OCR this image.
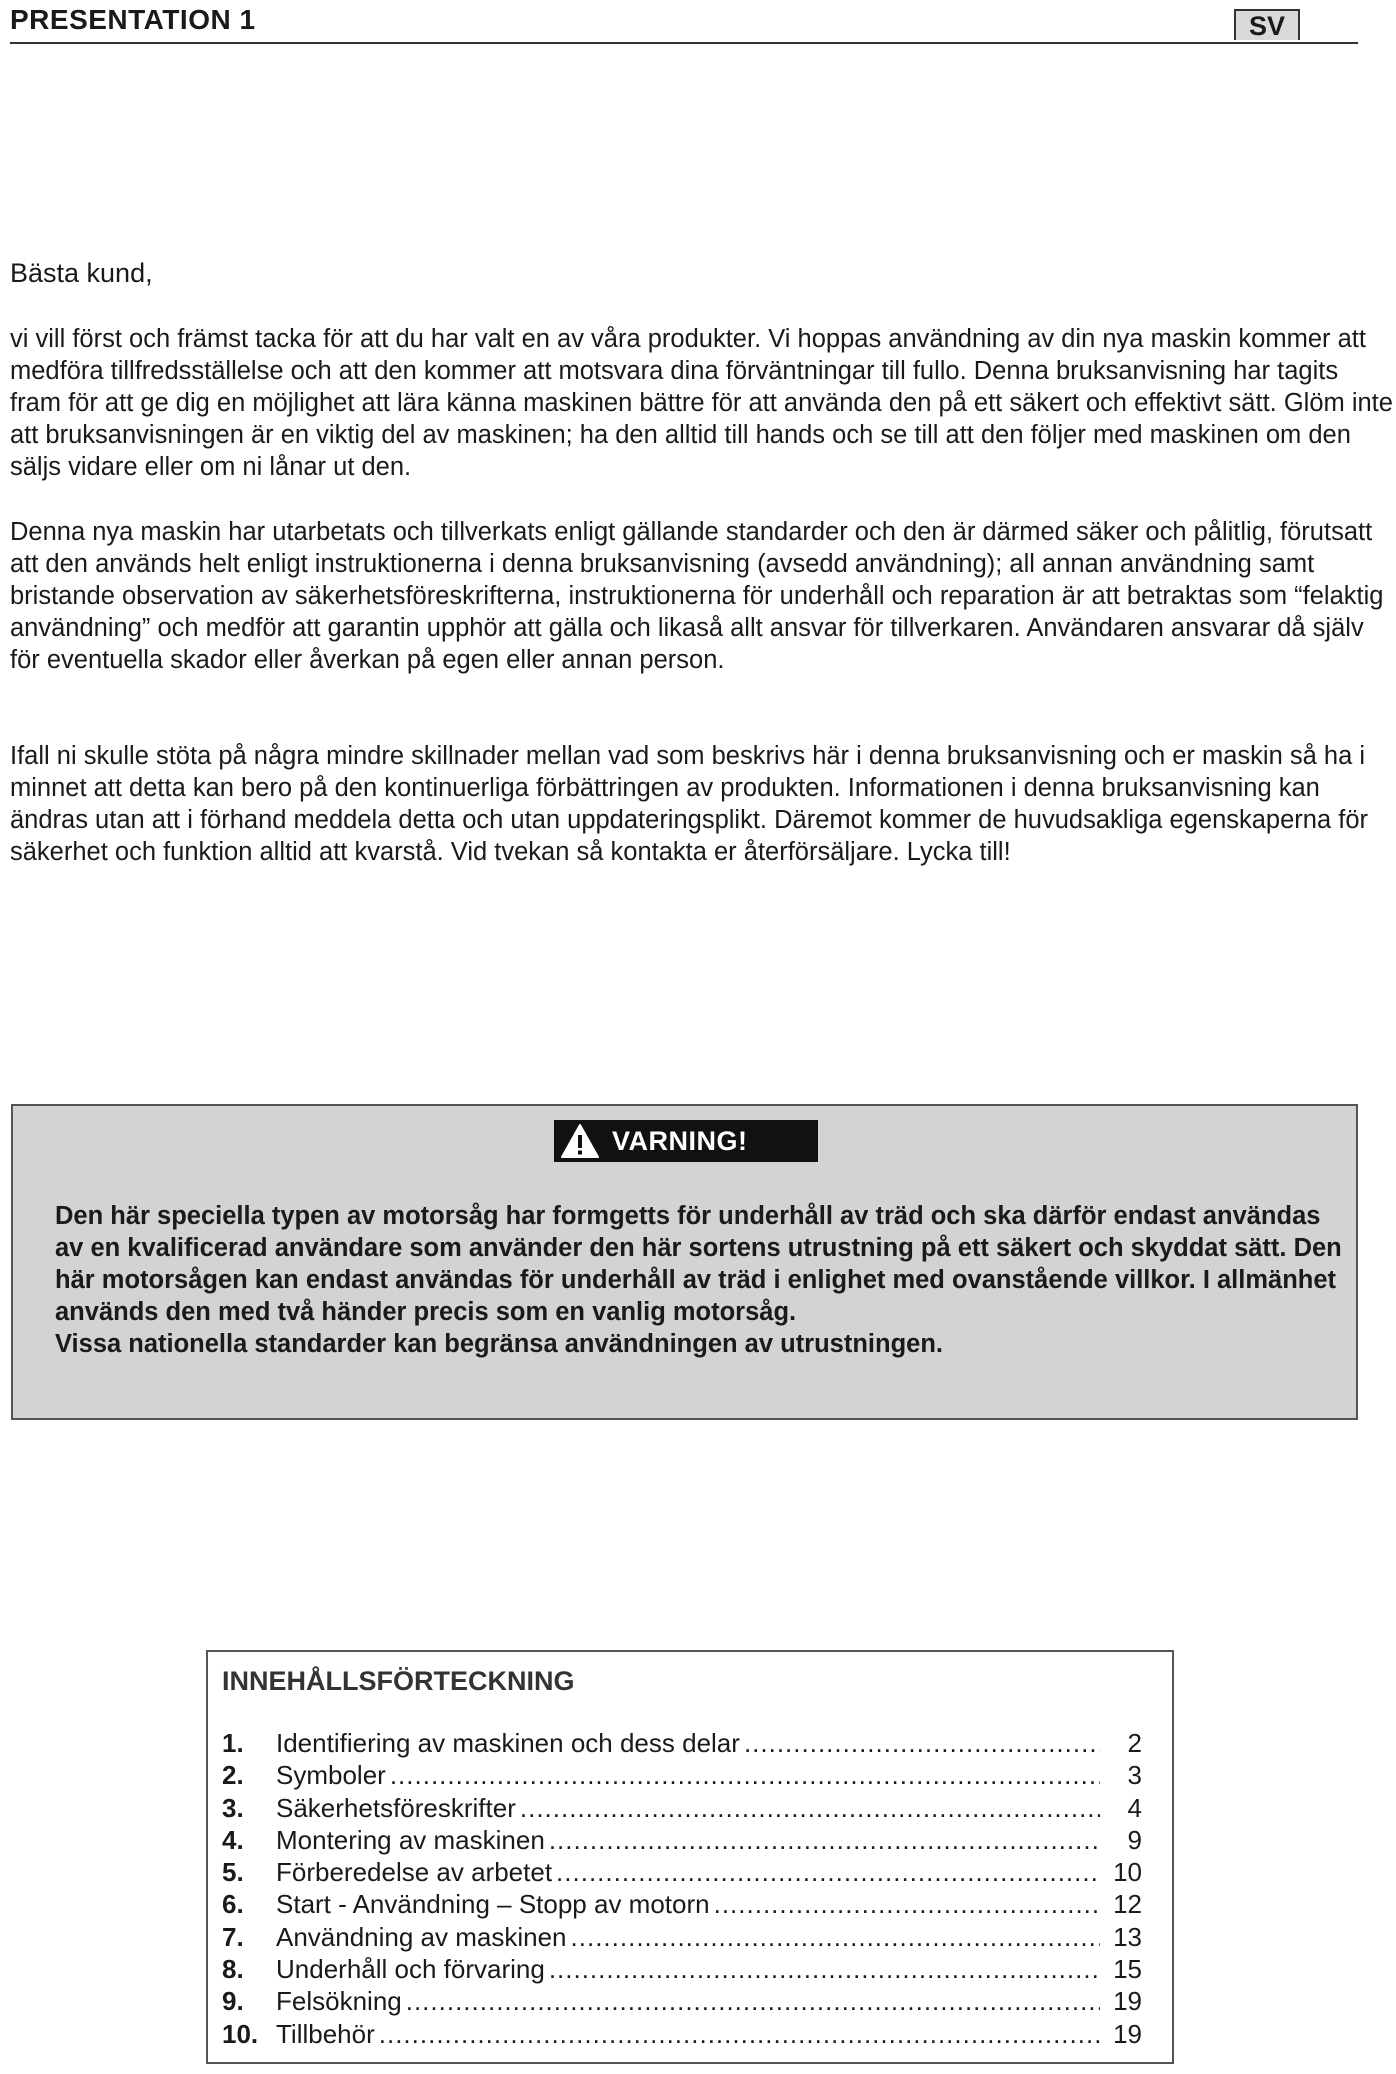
PRESENTATION 1	SV
Bästa kund,

vi vill först och främst tacka för att du har valt en av våra produkter. Vi hoppas användning av din nya maskin kommer att medföra tillfredsställelse och att den kommer att motsvara dina förväntningar till fullo. Denna bruksanvisning har tagits fram för att ge dig en möjlighet att lära känna maskinen bättre för att använda den på ett säkert och effektivt sätt. Glöm inte att bruksanvisningen är en viktig del av maskinen; ha den alltid till hands och se till att den följer med maskinen om den säljs vidare eller om ni lånar ut den.

Denna nya maskin har utarbetats och tillverkats enligt gällande standarder och den är därmed säker och pålitlig, förutsatt att den används helt enligt instruktionerna i denna bruksanvisning (avsedd användning); all annan användning samt bristande observation av säkerhetsföreskrifterna, instruktionerna för underhåll och reparation är att betraktas som “felaktig användning” och medför att garantin upphör att gälla och likaså allt ansvar för tillverkaren. Användaren ansvarar då själv för eventuella skador eller åverkan på egen eller annan person.

Ifall ni skulle stöta på några mindre skillnader mellan vad som beskrivs här i denna bruksanvisning och er maskin så ha i minnet att detta kan bero på den kontinuerliga förbättringen av produkten. Informationen i denna bruksanvisning kan ändras utan att i förhand meddela detta och utan uppdateringsplikt. Däremot kommer de huvudsakliga egenskaperna för säkerhet och funktion alltid att kvarstå. Vid tvekan så kontakta er återförsäljare. Lycka till!

VARNING!
Den här speciella typen av motorsåg har formgetts för underhåll av träd och ska därför endast användas av en kvalificerad användare som använder den här sortens utrustning på ett säkert och skyddat sätt. Den här motorsågen kan endast användas för underhåll av träd i enlighet med ovanstående villkor. I allmänhet används den med två händer precis som en vanlig motorsåg.
Vissa nationella standarder kan begränsa användningen av utrustningen.
INNEHÅLLSFÖRTECKNING
1.	Identifiering av maskinen och dess delar .....	2
2.	Symboler .....	3
3.	Säkerhetsföreskrifter .....	4
4.	Montering av maskinen .....	9
5.	Förberedelse av arbetet .....	10
6.	Start - Användning – Stopp av motorn .....	12
7.	Användning av maskinen .....	13
8.	Underhåll och förvaring .....	15
9.	Felsökning .....	19
10. Tillbehör .....	19
